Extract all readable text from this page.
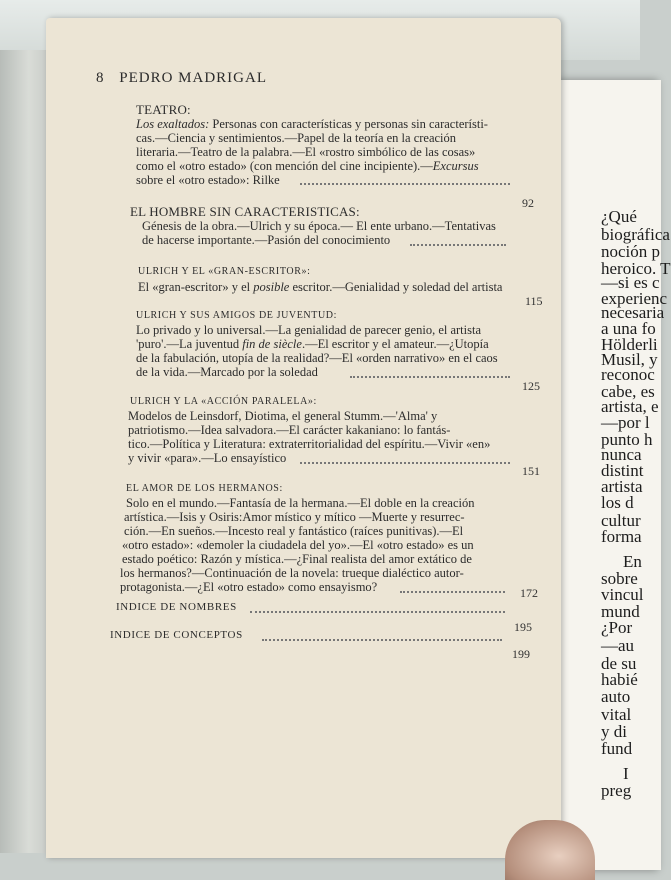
¿Qué
biográfica
noción p
heroico. T
—si es c
experienc
necesaria
a una fo
Hölderli
Musil, y
reconoc
cabe, es
artista, e
—por l
punto h
nunca
distint
artista
los d
cultur
forma
En
sobre
vincul
mund
¿Por
—au
de su
habié
auto
vital
y di
fund
I
preg
8 PEDRO MADRIGAL
TEATRO:
Los exaltados: Personas con características y personas sin característi-
cas.—Ciencia y sentimientos.—Papel de la teoría en la creación
literaria.—Teatro de la palabra.—El «rostro simbólico de las cosas»
como el «otro estado» (con mención del cine incipiente).—Excursus
sobre el «otro estado»: Rilke
92
EL HOMBRE SIN CARACTERISTICAS:
Génesis de la obra.—Ulrich y su época.— El ente urbano.—Tentativas
de hacerse importante.—Pasión del conocimiento
ULRICH Y EL «GRAN-ESCRITOR»:
El «gran-escritor» y el posible escritor.—Genialidad y soledad del artista
115
ULRICH Y SUS AMIGOS DE JUVENTUD:
Lo privado y lo universal.—La genialidad de parecer genio, el artista
'puro'.—La juventud fin de siècle.—El escritor y el amateur.—¿Utopía
de la fabulación, utopía de la realidad?—El «orden narrativo» en el caos
de la vida.—Marcado por la soledad
125
ULRICH Y LA «ACCIÓN PARALELA»:
Modelos de Leinsdorf, Diotima, el general Stumm.—'Alma' y
patriotismo.—Idea salvadora.—El carácter kakaniano: lo fantás-
tico.—Política y Literatura: extraterritorialidad del espíritu.—Vivir «en»
y vivir «para».—Lo ensayístico
151
EL AMOR DE LOS HERMANOS:
Solo en el mundo.—Fantasía de la hermana.—El doble en la creación
artística.—Isis y Osiris:Amor místico y mítico —Muerte y resurrec-
ción.—En sueños.—Incesto real y fantástico (raíces punitivas).—El
«otro estado»: «demoler la ciudadela del yo».—El «otro estado» es un
estado poético: Razón y mística.—¿Final realista del amor extático de
los hermanos?—Continuación de la novela: trueque dialéctico autor-
protagonista.—¿El «otro estado» como ensayismo?	172
INDICE DE NOMBRES
195
INDICE DE CONCEPTOS
199
